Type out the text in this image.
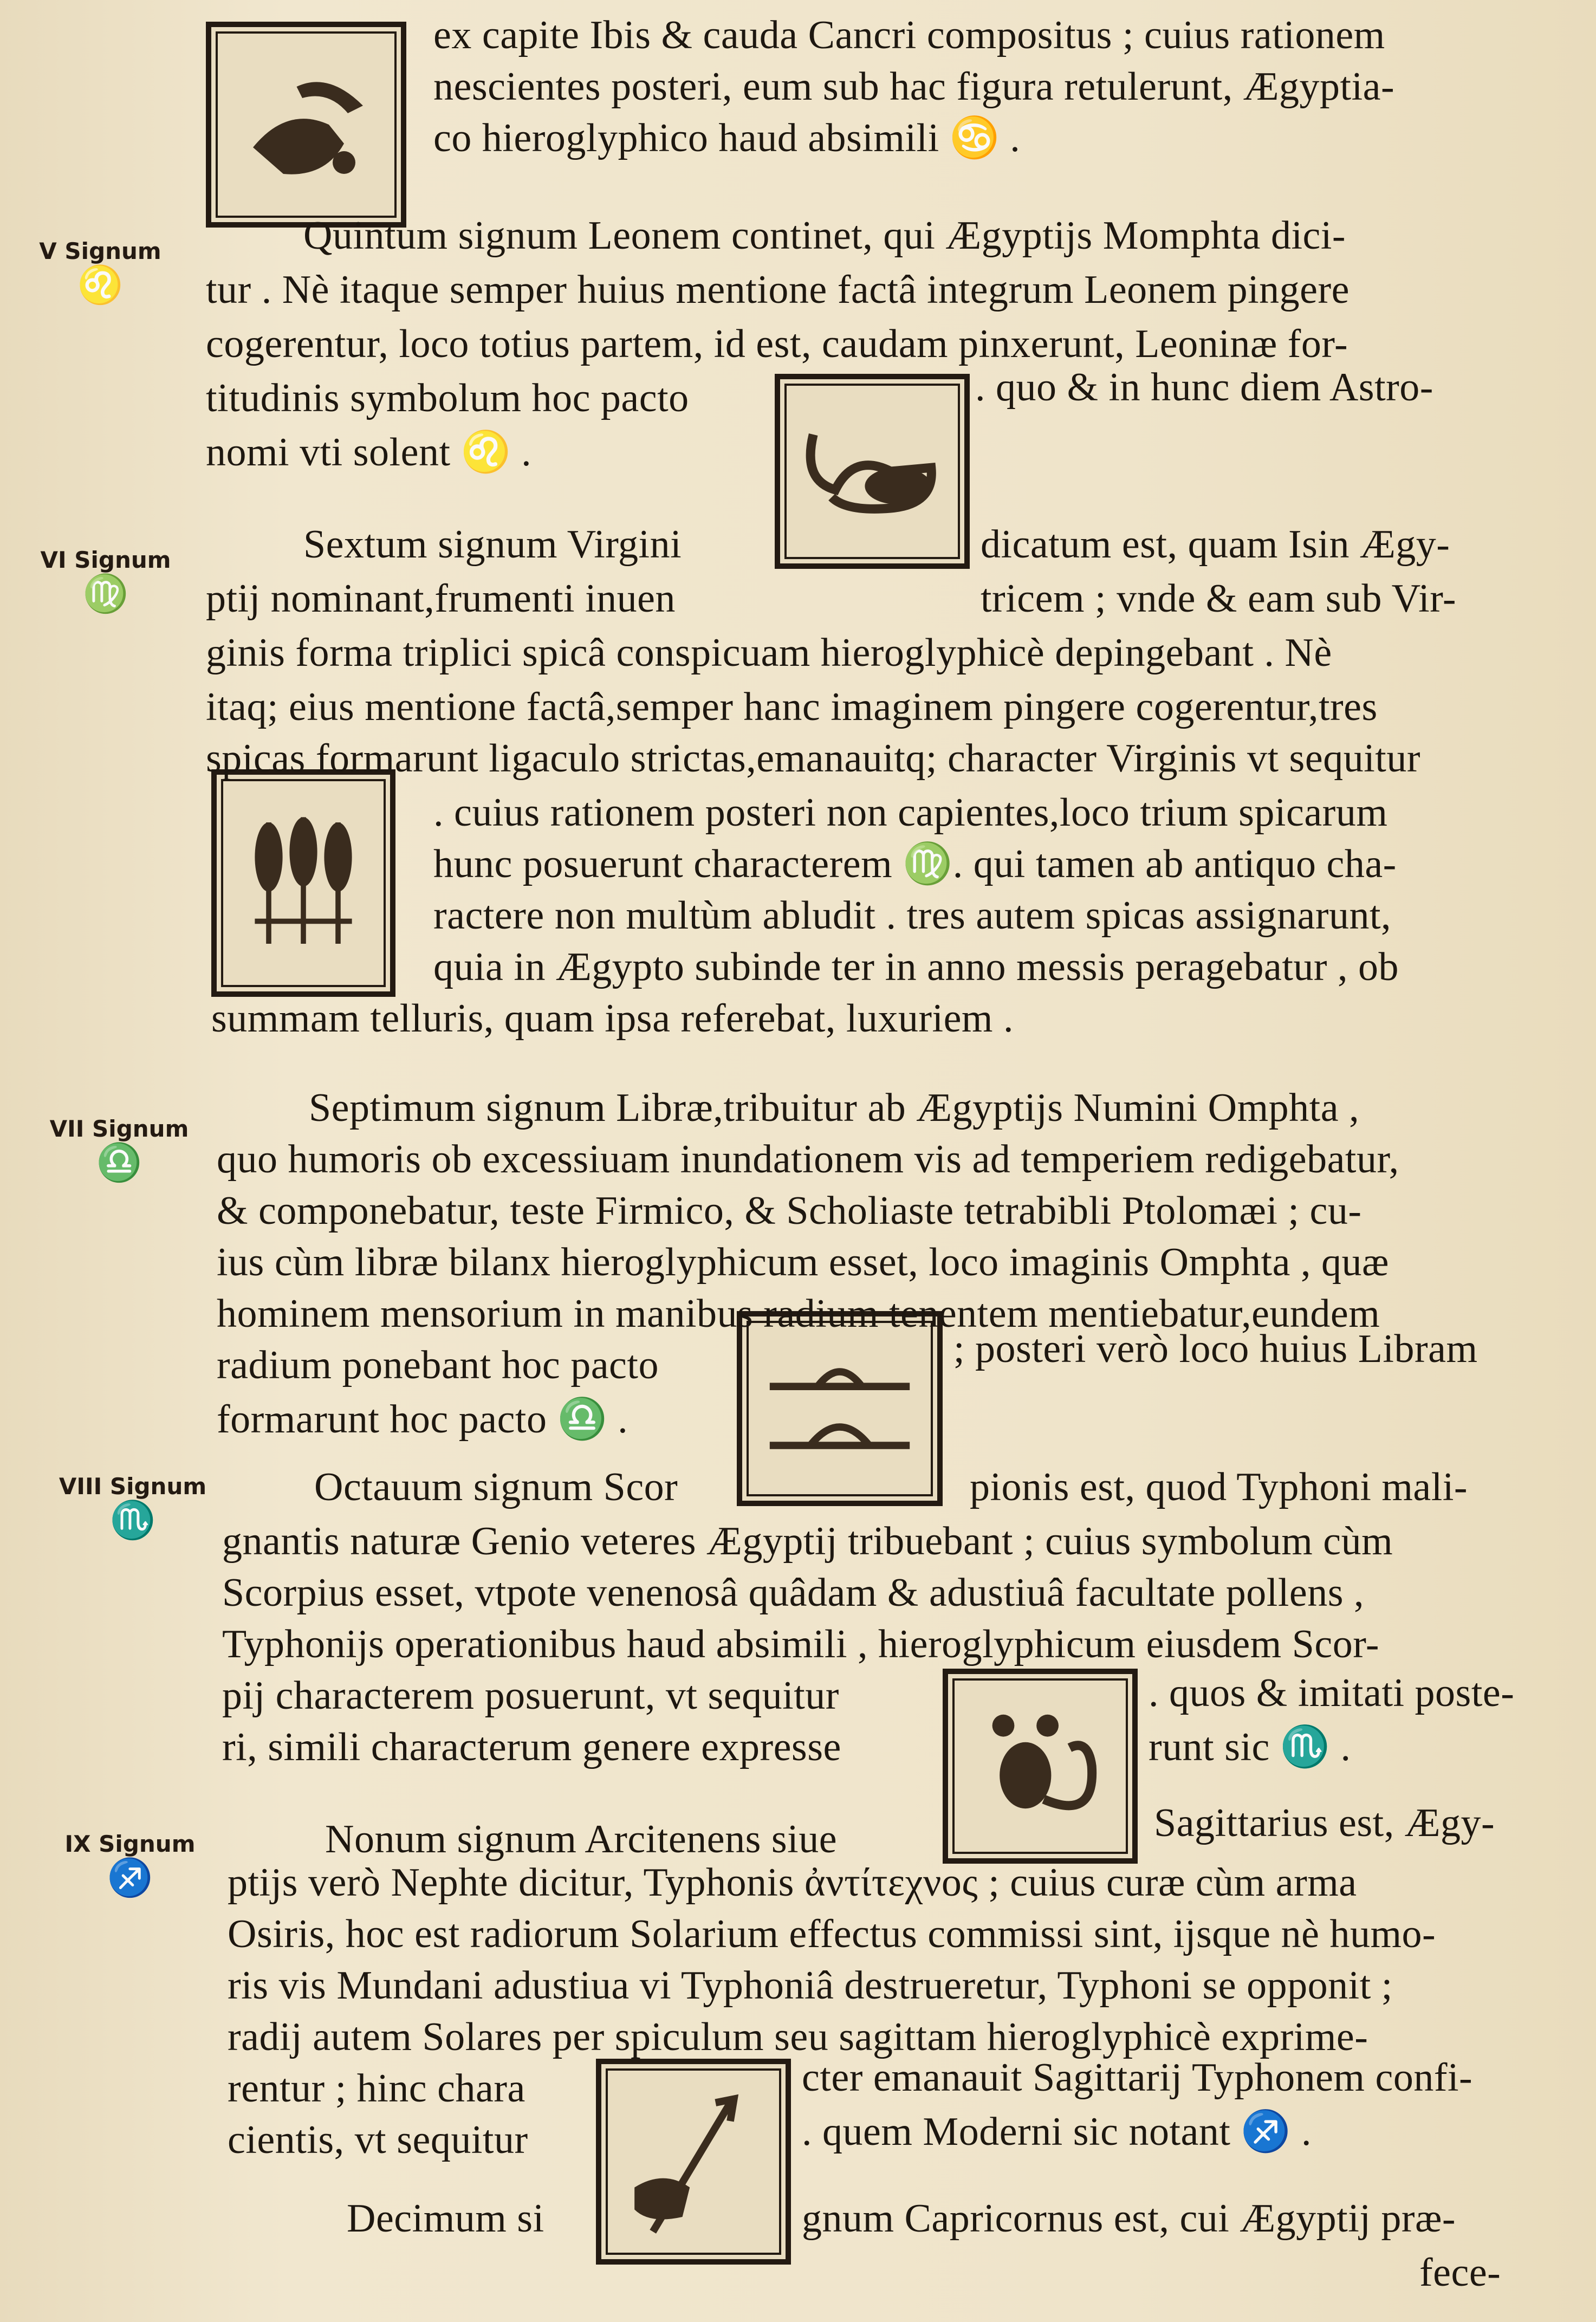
V Signum
♌
VI Signum
♍
VII Signum
♎
VIII Signum
♏
IX Signum
♐
ex capite Ibis & cauda Cancri compositus ; cuius rationem
nescientes posteri, eum sub hac figura retulerunt, Ægyptia-
co hieroglyphico haud absimili ♋ .
Quintum signum Leonem continet, qui Ægyptijs Momphta dici-
tur . Nè itaque semper huius mentione factâ integrum Leonem pingere
cogerentur, loco totius partem, id est, caudam pinxerunt, Leoninæ for-
titudinis symbolum hoc pacto	. quo & in hunc diem Astro-
nomi vti solent ♌ .
Sextum signum Virgini	dicatum est, quam Isin Ægy-
ptij nominant,frumenti inuen	tricem ; vnde & eam sub Vir-
ginis forma triplici spicâ conspicuam hieroglyphicè depingebant . Nè
itaq; eius mentione factâ,semper hanc imaginem pingere cogerentur,tres
spicas formarunt ligaculo strictas,emanauitq; character Virginis vt sequitur
. cuius rationem posteri non capientes,loco trium spicarum
hunc posuerunt characterem ♍. qui tamen ab antiquo cha-
ractere non multùm abludit . tres autem spicas assignarunt,
quia in Ægypto subinde ter in anno messis peragebatur , ob
summam telluris, quam ipsa referebat, luxuriem .
Septimum signum Libræ,tribuitur ab Ægyptijs Numini Omphta ,
quo humoris ob excessiuam inundationem vis ad temperiem redigebatur,
& componebatur, teste Firmico, & Scholiaste tetrabibli Ptolomæi ; cu-
ius cùm libræ bilanx hieroglyphicum esset, loco imaginis Omphta , quæ
hominem mensorium in manibus radium tenentem mentiebatur,eundem
radium ponebant hoc pacto	; posteri verò loco huius Libram
formarunt hoc pacto ♎ .
Octauum signum Scor	pionis est, quod Typhoni mali-
gnantis naturæ Genio veteres Ægyptij tribuebant ; cuius symbolum cùm
Scorpius esset, vtpote venenosâ quâdam & adustiuâ facultate pollens ,
Typhonijs operationibus haud absimili , hieroglyphicum eiusdem Scor-
pij characterem posuerunt, vt sequitur	. quos & imitati poste-
ri, simili characterum genere expresse	runt sic ♏ .
Nonum signum Arcitenens siue	Sagittarius est, Ægy-
ptijs verò Nephte dicitur, Typhonis ἀντίτεχνος ; cuius curæ cùm arma
Osiris, hoc est radiorum Solarium effectus commissi sint, ijsque nè humo-
ris vis Mundani adustiua vi Typhoniâ destrueretur, Typhoni se opponit ;
radij autem Solares per spiculum seu sagittam hieroglyphicè exprime-
rentur ; hinc chara	cter emanauit Sagittarij Typhonem confi-
cientis, vt sequitur	. quem Moderni sic notant ♐ .
Decimum si	gnum Capricornus est, cui Ægyptij præ-
fece-
